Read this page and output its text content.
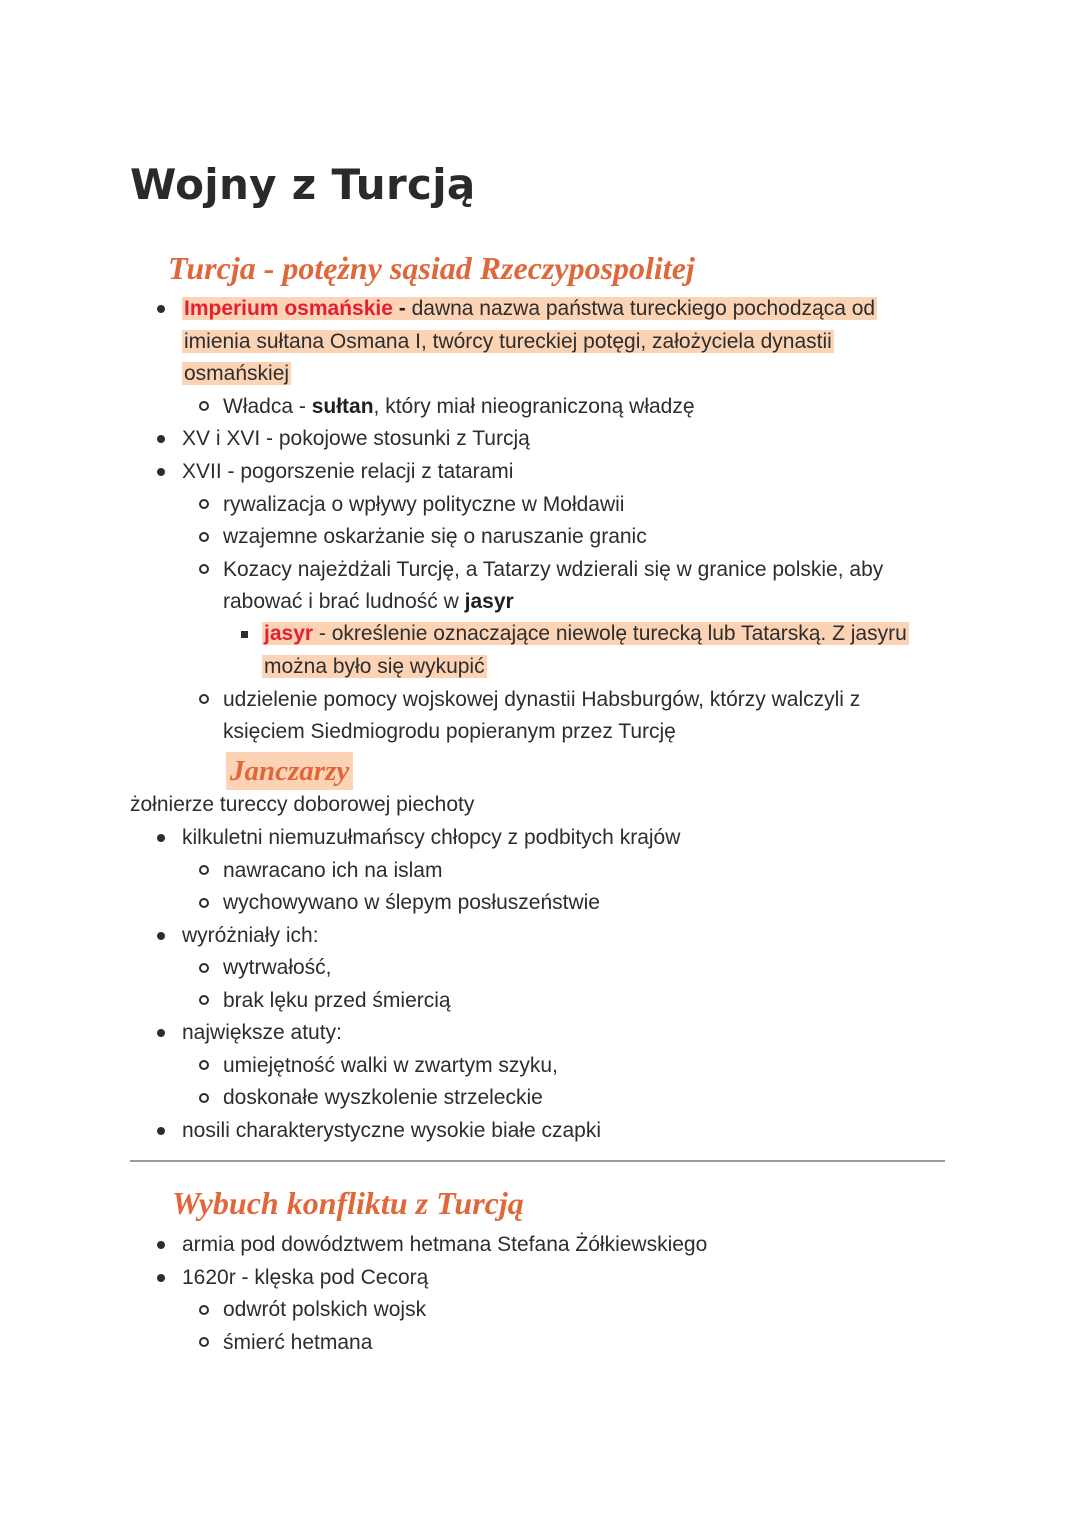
Wojny z Turcją
Turcja - potężny sąsiad Rzeczypospolitej
Imperium osmańskie - dawna nazwa państwa tureckiego pochodząca od
imienia sułtana Osmana I, twórcy tureckiej potęgi, założyciela dynastii
osmańskiej
Władca - sułtan, który miał nieograniczoną władzę
XV i XVI - pokojowe stosunki z Turcją
XVII - pogorszenie relacji z tatarami
rywalizacja o wpływy polityczne w Mołdawii
wzajemne oskarżanie się o naruszanie granic
Kozacy najeżdżali Turcję, a Tatarzy wdzierali się w granice polskie, aby
rabować i brać ludność w jasyr
jasyr - określenie oznaczające niewolę turecką lub Tatarską. Z jasyru
można było się wykupić
udzielenie pomocy wojskowej dynastii Habsburgów, którzy walczyli z
księciem Siedmiogrodu popieranym przez Turcję
Janczarzy
żołnierze tureccy doborowej piechoty
kilkuletni niemuzułmańscy chłopcy z podbitych krajów
nawracano ich na islam
wychowywano w ślepym posłuszeństwie
wyróżniały ich:
wytrwałość,
brak lęku przed śmiercią
największe atuty:
umiejętność walki w zwartym szyku,
doskonałe wyszkolenie strzeleckie
nosili charakterystyczne wysokie białe czapki
Wybuch konfliktu z Turcją
armia pod dowództwem hetmana Stefana Żółkiewskiego
1620r - klęska pod Cecorą
odwrót polskich wojsk
śmierć hetmana
